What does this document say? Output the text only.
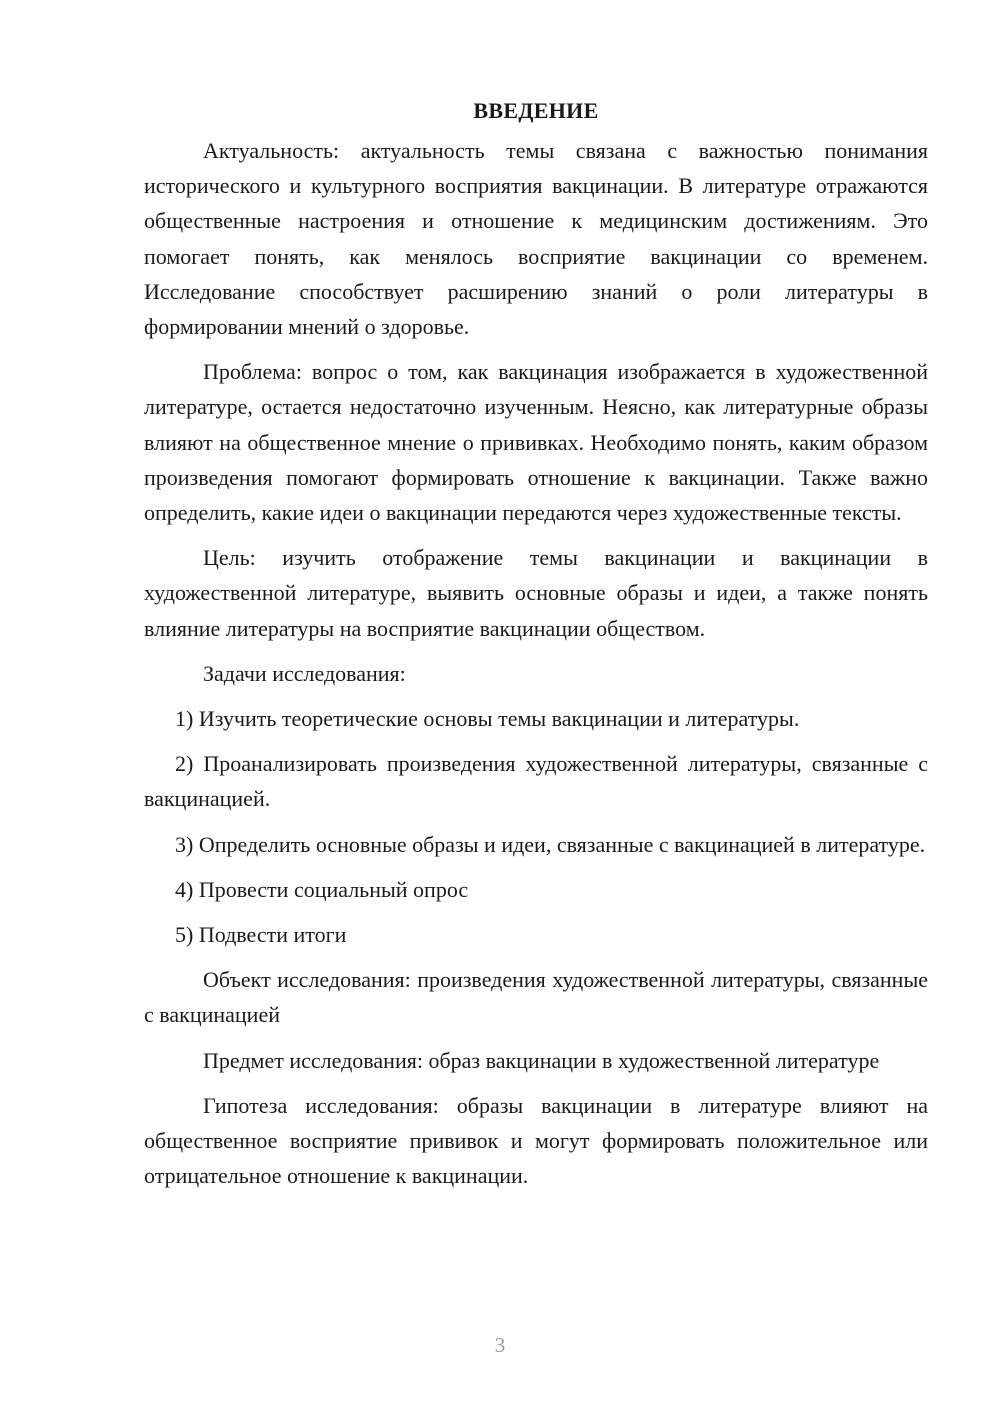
ВВЕДЕНИЕ

Актуальность: актуальность темы связана с важностью понимания исторического и культурного восприятия вакцинации. В литературе отражаются общественные настроения и отношение к медицинским достижениям. Это помогает понять, как менялось восприятие вакцинации со временем. Исследование способствует расширению знаний о роли литературы в формировании мнений о здоровье.

Проблема: вопрос о том, как вакцинация изображается в художественной литературе, остается недостаточно изученным. Неясно, как литературные образы влияют на общественное мнение о прививках. Необходимо понять, каким образом произведения помогают формировать отношение к вакцинации. Также важно определить, какие идеи о вакцинации передаются через художественные тексты.

Цель: изучить отображение темы вакцинации и вакцинации в художественной литературе, выявить основные образы и идеи, а также понять влияние литературы на восприятие вакцинации обществом.

Задачи исследования:

1) Изучить теоретические основы темы вакцинации и литературы.

2) Проанализировать произведения художественной литературы, связанные с вакцинацией.

3) Определить основные образы и идеи, связанные с вакцинацией в литературе.

4) Провести социальный опрос

5) Подвести итоги

Объект исследования: произведения художественной литературы, связанные с вакцинацией

Предмет исследования: образ вакцинации в художественной литературе

Гипотеза исследования: образы вакцинации в литературе влияют на общественное восприятие прививок и могут формировать положительное или отрицательное отношение к вакцинации.

3
